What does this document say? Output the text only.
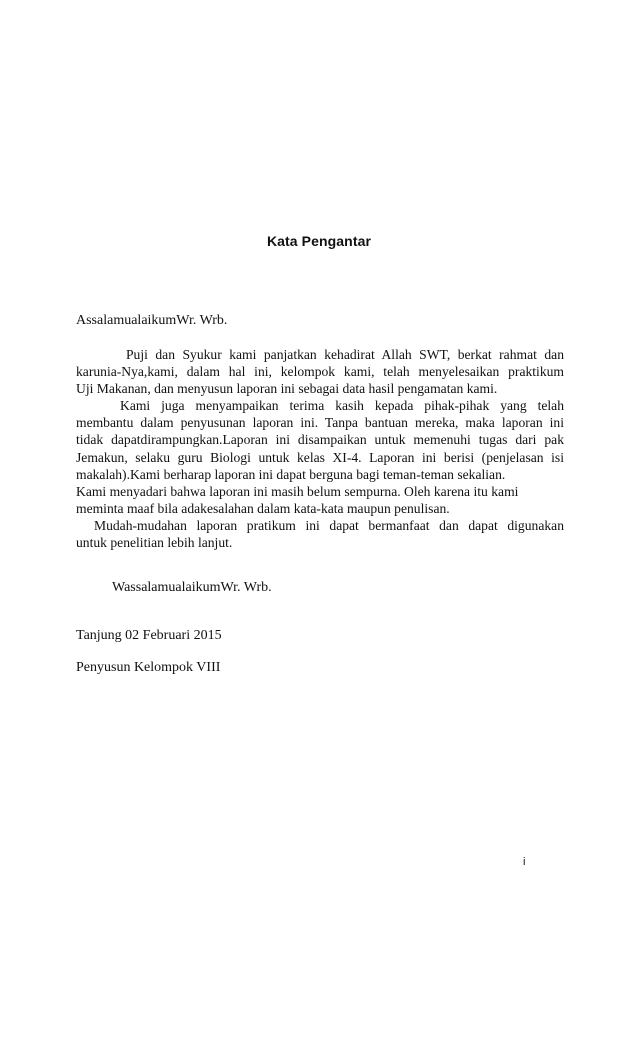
Kata Pengantar
AssalamualaikumWr. Wrb.
Puji dan Syukur kami panjatkan kehadirat Allah SWT, berkat rahmat dan
karunia-Nya,kami, dalam hal ini, kelompok kami, telah menyelesaikan praktikum
Uji Makanan, dan menyusun laporan ini sebagai data hasil pengamatan kami.
Kami juga menyampaikan terima kasih kepada pihak-pihak yang telah
membantu dalam penyusunan laporan ini. Tanpa bantuan mereka, maka laporan ini
tidak dapatdirampungkan.Laporan ini disampaikan untuk memenuhi tugas dari pak
Jemakun, selaku guru Biologi untuk kelas XI-4. Laporan ini berisi (penjelasan isi
makalah).Kami berharap laporan ini dapat berguna bagi teman-teman sekalian.
Kami menyadari bahwa laporan ini masih belum sempurna. Oleh karena itu kami
meminta maaf bila adakesalahan dalam kata-kata maupun penulisan.
Mudah-mudahan laporan pratikum ini dapat bermanfaat dan dapat digunakan
untuk penelitian lebih lanjut.
WassalamualaikumWr. Wrb.
Tanjung 02 Februari 2015
Penyusun Kelompok VIII
i
